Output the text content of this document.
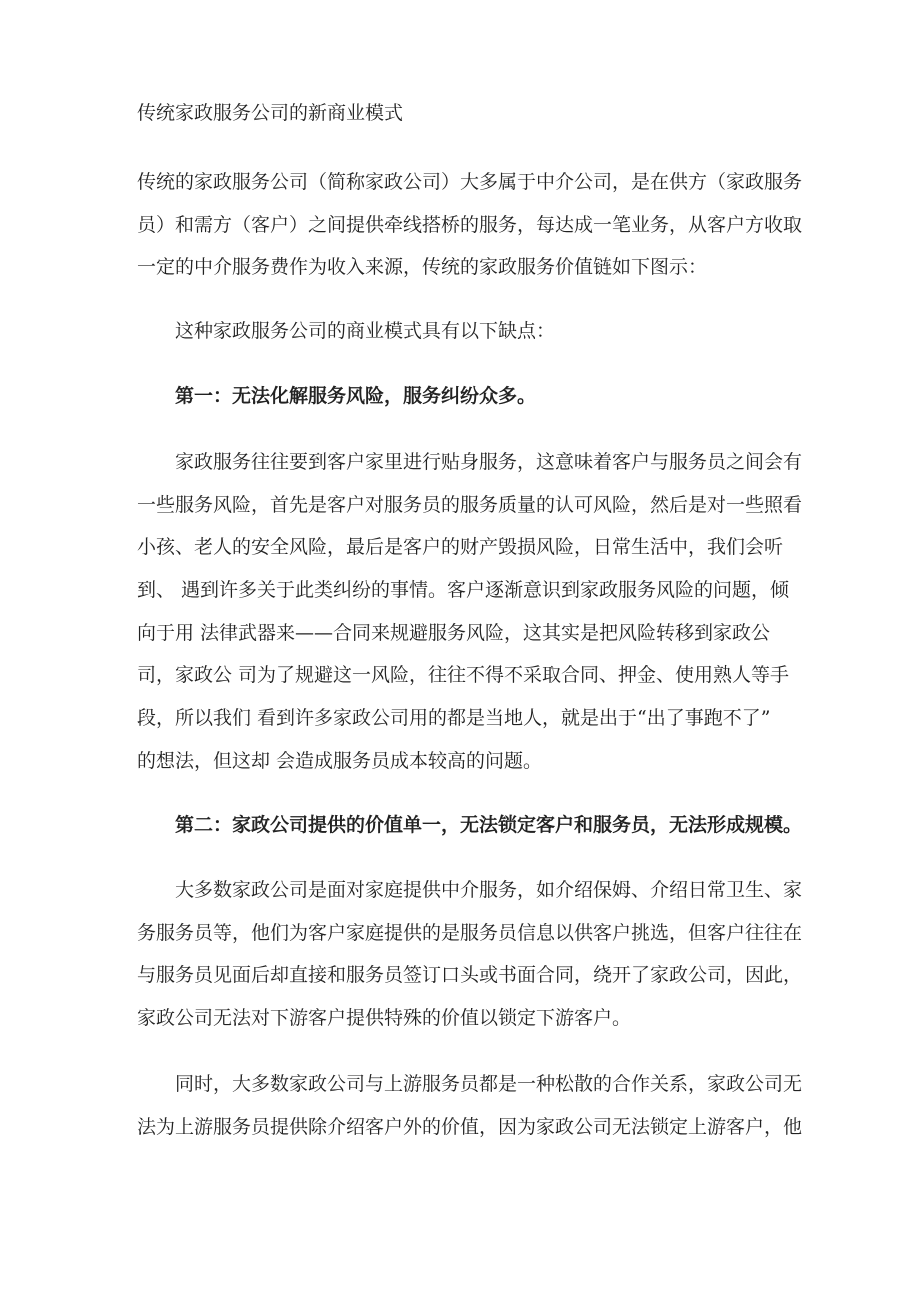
传统家政服务公司的新商业模式
传统的家政服务公司（简称家政公司）大多属于中介公司，是在供方（家政服务
员）和需方（客户）之间提供牵线搭桥的服务，每达成一笔业务，从客户方收取
一定的中介服务费作为收入来源，传统的家政服务价值链如下图示：
这种家政服务公司的商业模式具有以下缺点：
第一：无法化解服务风险，服务纠纷众多。
家政服务往往要到客户家里进行贴身服务，这意味着客户与服务员之间会有
一些服务风险，首先是客户对服务员的服务质量的认可风险，然后是对一些照看
小孩、老人的安全风险，最后是客户的财产毁损风险，日常生活中，我们会听
到、 遇到许多关于此类纠纷的事情。客户逐渐意识到家政服务风险的问题，倾
向于用 法律武器来——合同来规避服务风险，这其实是把风险转移到家政公
司，家政公 司为了规避这一风险，往往不得不采取合同、押金、使用熟人等手
段，所以我们 看到许多家政公司用的都是当地人，就是出于“出了事跑不了”
的想法，但这却 会造成服务员成本较高的问题。
第二：家政公司提供的价值单一，无法锁定客户和服务员，无法形成规模。
大多数家政公司是面对家庭提供中介服务，如介绍保姆、介绍日常卫生、家
务服务员等，他们为客户家庭提供的是服务员信息以供客户挑选，但客户往往在
与服务员见面后却直接和服务员签订口头或书面合同，绕开了家政公司，因此，
家政公司无法对下游客户提供特殊的价值以锁定下游客户。
同时，大多数家政公司与上游服务员都是一种松散的合作关系，家政公司无
法为上游服务员提供除介绍客户外的价值，因为家政公司无法锁定上游客户，他
